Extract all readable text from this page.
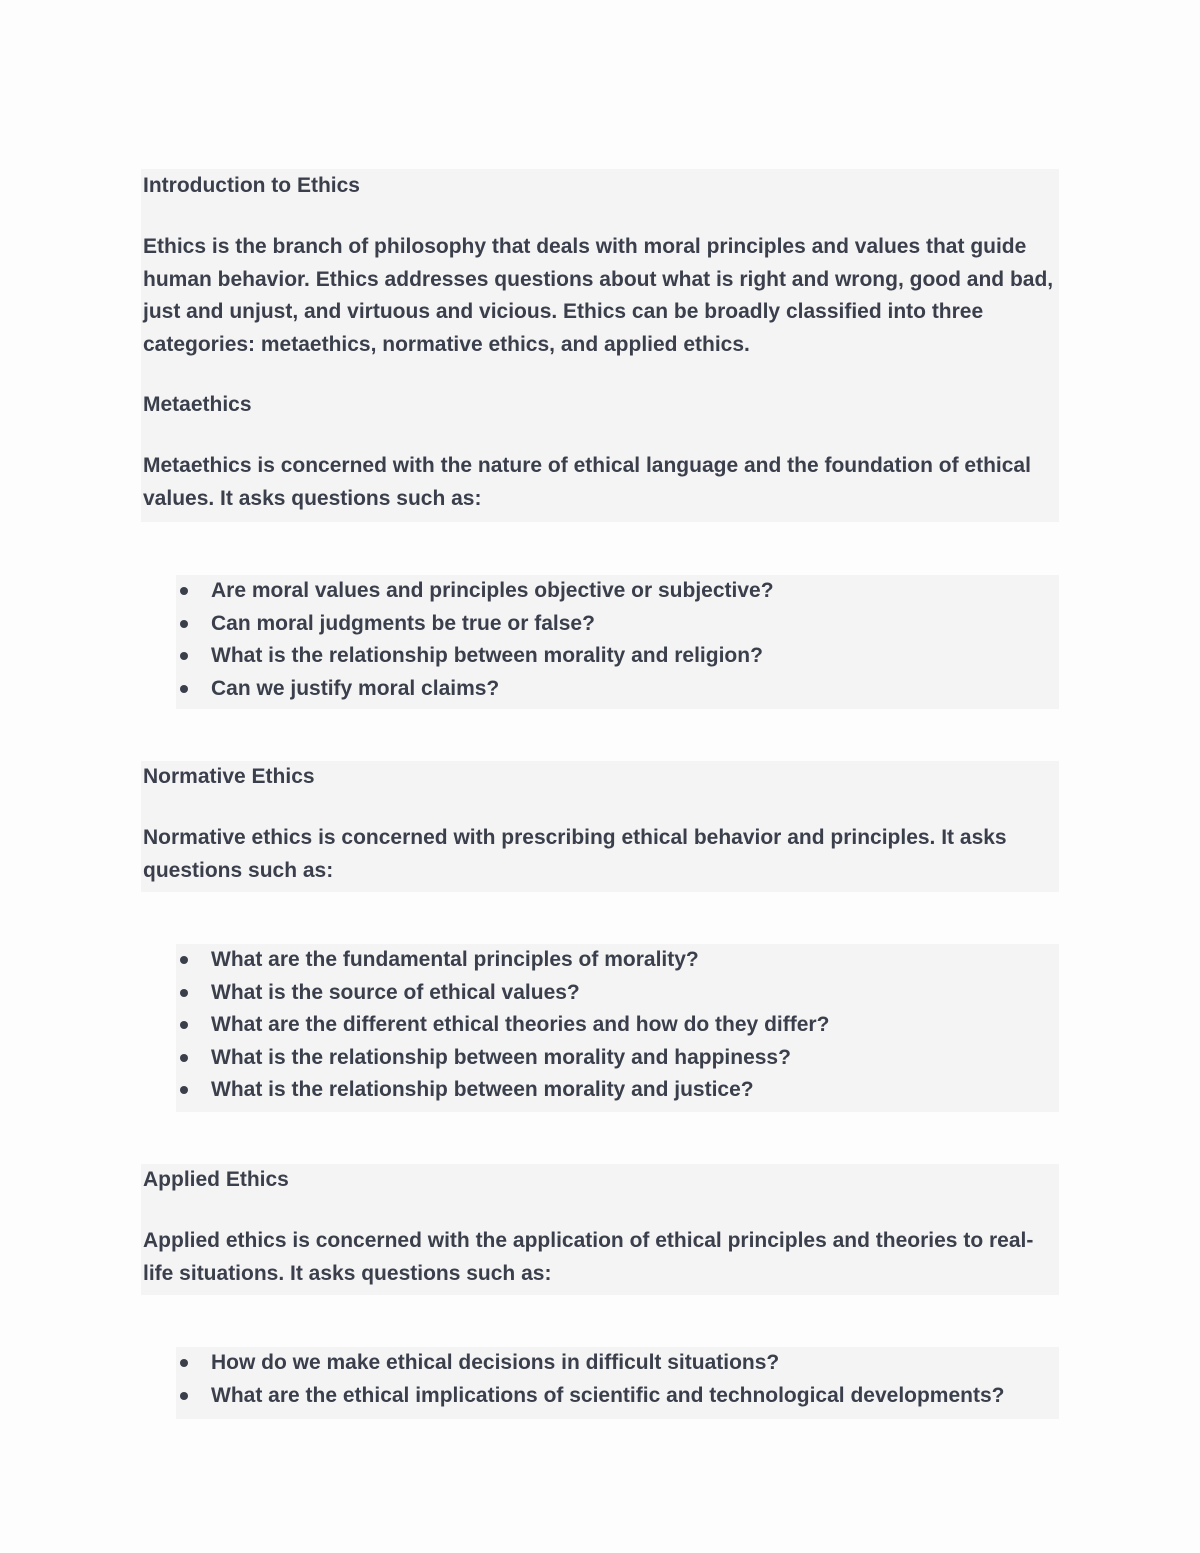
Introduction to Ethics

Ethics is the branch of philosophy that deals with moral principles and values that guide human behavior. Ethics addresses questions about what is right and wrong, good and bad, just and unjust, and virtuous and vicious. Ethics can be broadly classified into three categories: metaethics, normative ethics, and applied ethics.

Metaethics

Metaethics is concerned with the nature of ethical language and the foundation of ethical values. It asks questions such as:

Are moral values and principles objective or subjective?
Can moral judgments be true or false?
What is the relationship between morality and religion?
Can we justify moral claims?

Normative Ethics

Normative ethics is concerned with prescribing ethical behavior and principles. It asks questions such as:

What are the fundamental principles of morality?
What is the source of ethical values?
What are the different ethical theories and how do they differ?
What is the relationship between morality and happiness?
What is the relationship between morality and justice?

Applied Ethics

Applied ethics is concerned with the application of ethical principles and theories to real-life situations. It asks questions such as:

How do we make ethical decisions in difficult situations?
What are the ethical implications of scientific and technological developments?
